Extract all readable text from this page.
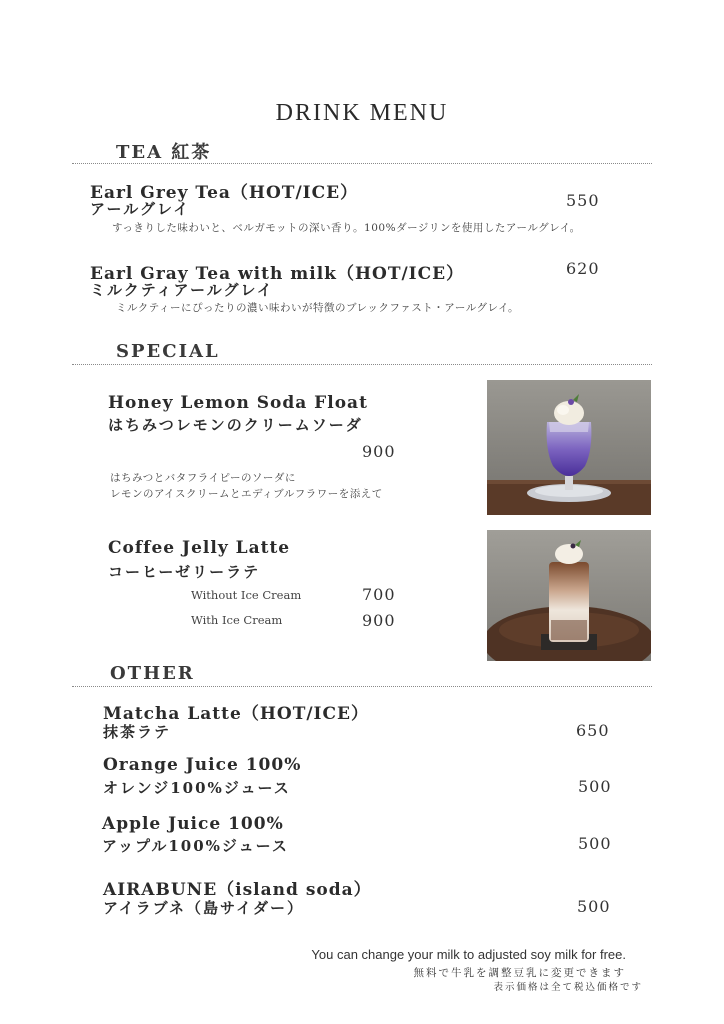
DRINK MENU
TEA 紅茶
Earl Grey Tea（HOT/ICE）
アールグレイ	550
すっきりした味わいと、ベルガモットの深い香り。100%ダージリンを使用したアールグレイ。
Earl Gray Tea with milk（HOT/ICE）
ミルクティアールグレイ
620
ミルクティーにぴったりの濃い味わいが特徴のブレックファスト・アールグレイ。
SPECIAL
Honey Lemon Soda Float
はちみつレモンのクリームソーダ
900
はちみつとバタフライピーのソーダに
レモンのアイスクリームとエディブルフラワーを添えて
Coffee Jelly Latte
コーヒーゼリーラテ
Without Ice Cream	700
With Ice Cream	900
OTHER
Matcha Latte（HOT/ICE）
抹茶ラテ	650
Orange Juice 100%
オレンジ100%ジュース	500
Apple Juice 100%
アップル100%ジュース	500
AIRABUNE（island soda）
アイラブネ（島サイダー）	500
You can change your milk to adjusted soy milk for free.
無料で牛乳を調整豆乳に変更できます
表示価格は全て税込価格です
